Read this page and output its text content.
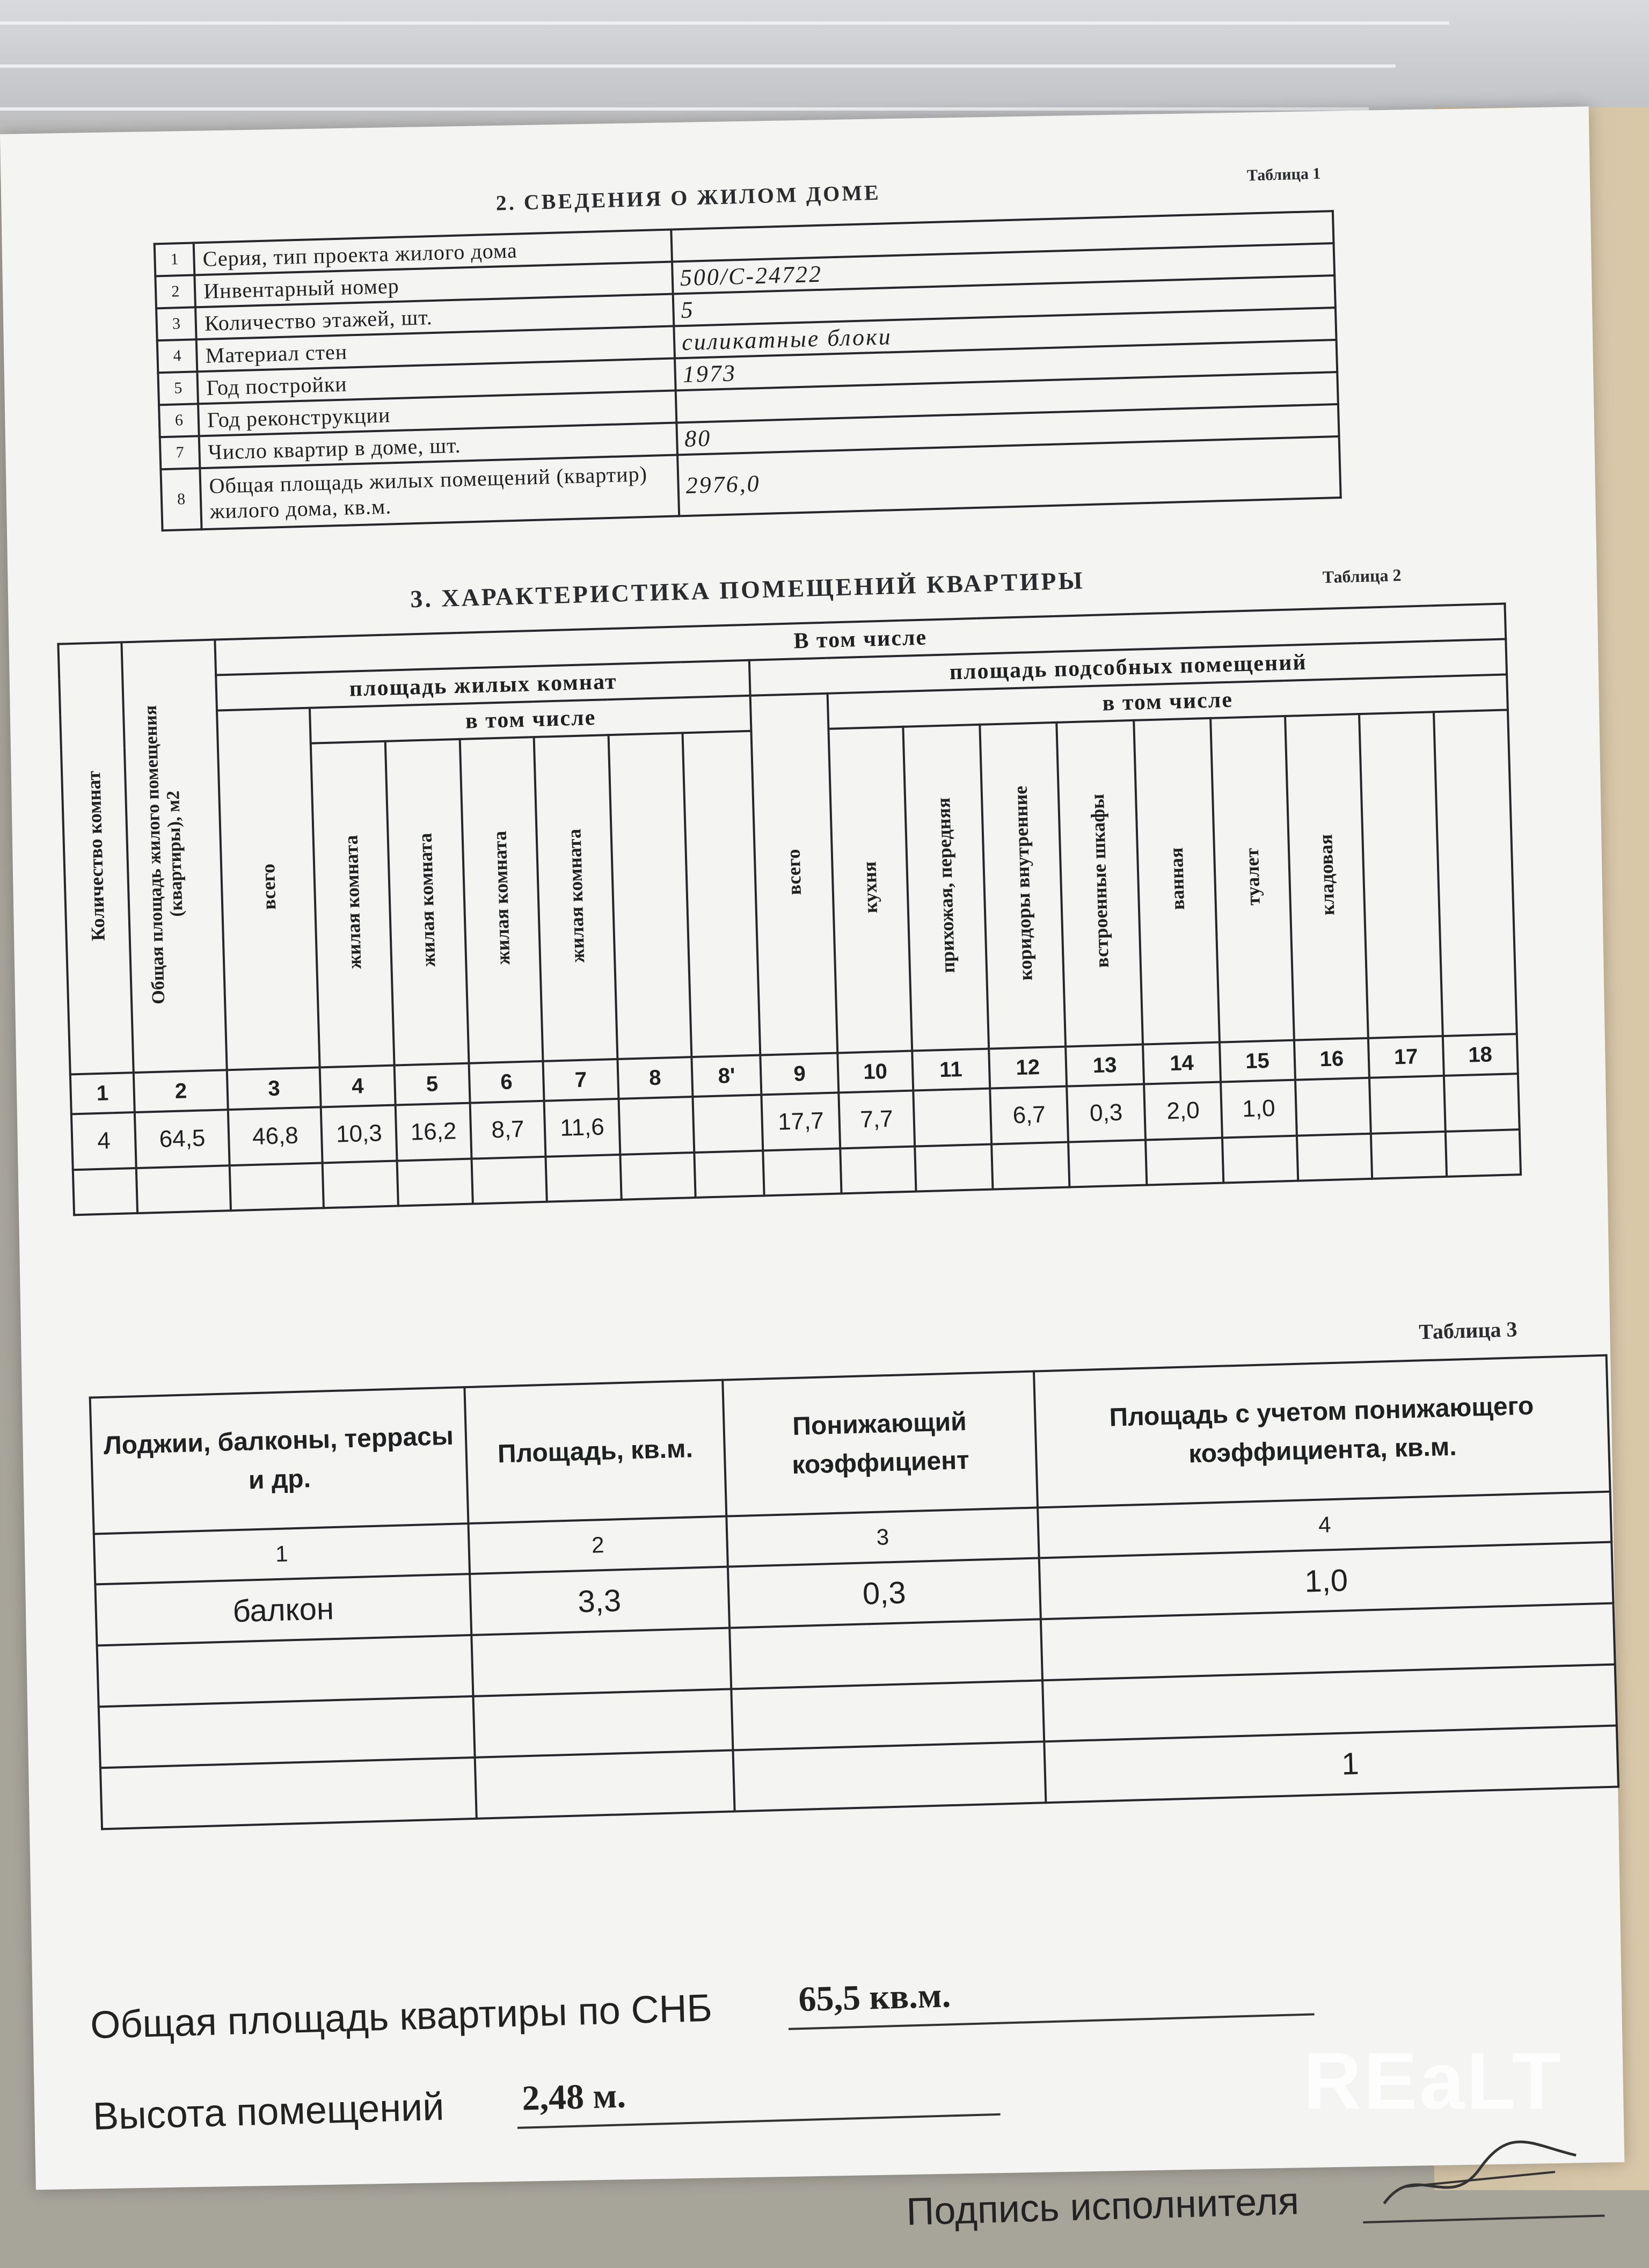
2. СВЕДЕНИЯ О ЖИЛОМ ДОМЕ
Таблица 1
1	Серия, тип проекта жилого дома	
2	Инвентарный номер	500/С-24722
3	Количество этажей, шт.	5
4	Материал стен	силикатные блоки
5	Год постройки	1973
6	Год реконструкции	
7	Число квартир в доме, шт.	80
8	Общая площадь жилых помещений (квартир) жилого дома, кв.м.	2976,0
3. ХАРАКТЕРИСТИКА ПОМЕЩЕНИЙ КВАРТИРЫ	Таблица 2
Количество комнат	Общая площадь жилого помещения (квартиры), м2	В том числе																
		площадь жилых комнат							площадь подсобных помещений									
		всего	в том числе						всего	в том числе								
			жилая комната	жилая комната	жилая комната	жилая комната				кухня	прихожая, передняя	коридоры внутренние	встроенные шкафы	ванная	туалет	кладовая		
1	2	3	4	5	6	7	8	8'	9	10	11	12	13	14	15	16	17	18
4	64,5	46,8	10,3	16,2	8,7	11,6			17,7	7,7		6,7	0,3	2,0	1,0			

Таблица 3
Лоджии, балконы, террасы и др.	Площадь, кв.м.	Понижающий коэффициент	Площадь с учетом понижающего коэффициента, кв.м.
1	2	3	4
балкон	3,3	0,3	1,0

			1
Общая площадь квартиры по СНБ 65,5 кв.м.
Высота помещений 2,48 м.
Подпись исполнителя
REaLT
